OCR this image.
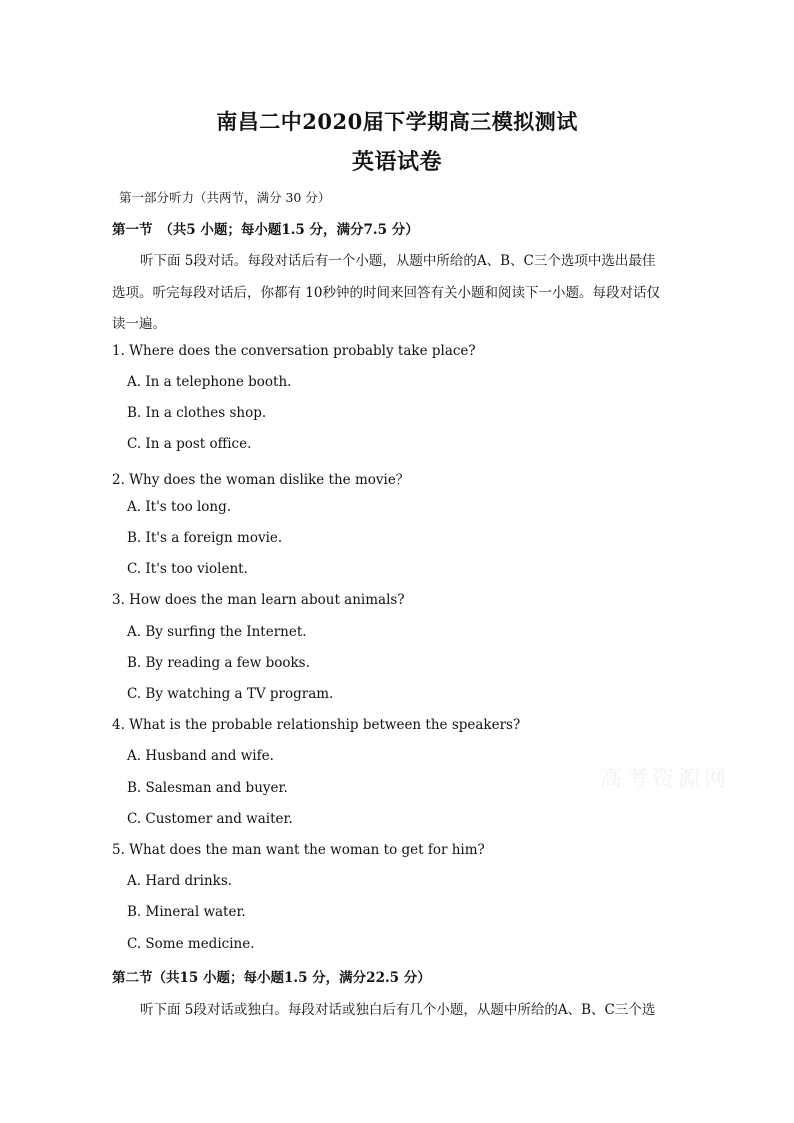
南昌二中2020届下学期高三模拟测试
英语试卷
第一部分听力（共两节，满分 30 分）
第一节　（共5 小题；每小题1.5 分，满分7.5 分）
听下面 5段对话。每段对话后有一个小题，从题中所给的A、B、C三个选项中选出最佳
选项。听完每段对话后，你都有 10秒钟的时间来回答有关小题和阅读下一小题。每段对话仅
读一遍。
1. Where does the conversation probably take place?
A. In a telephone booth.
B. In a clothes shop.
C. In a post office.
2. Why does the woman dislike the movie？
A. It's too long.
B. It's a foreign movie.
C. It's too violent.
3. How does the man learn about animals?
A. By surfing the Internet.
B. By reading a few books.
C. By watching a TV program.
4. What is the probable relationship between the speakers?
A. Husband and wife.
B. Salesman and buyer.
C. Customer and waiter.
5. What does the man want the woman to get for him?
A. Hard drinks.
B. Mineral water.
C. Some medicine.
第二节（共15 小题；每小题1.5 分，满分22.5 分）
听下面 5段对话或独白。每段对话或独白后有几个小题，从题中所给的A、B、C三个选
高考资源网
